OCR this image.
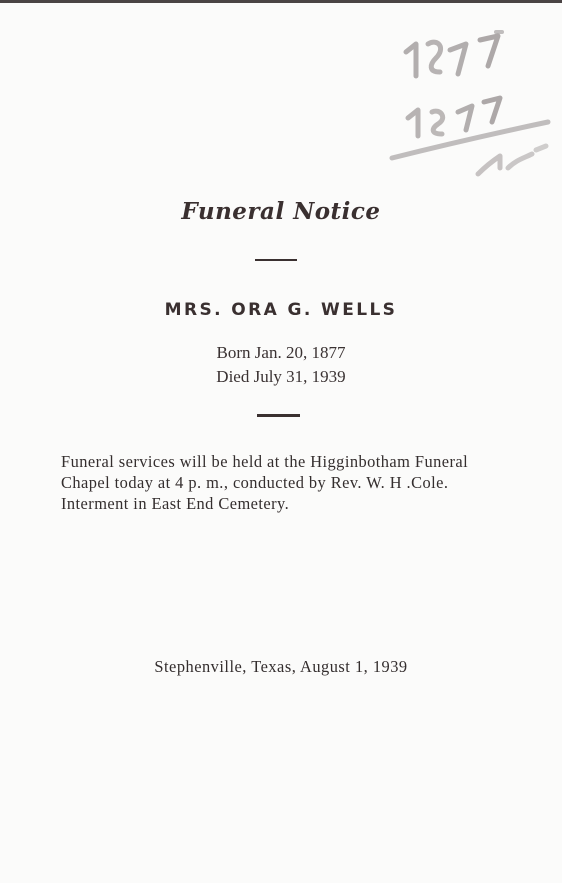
Funeral Notice
MRS. ORA G. WELLS
Born Jan. 20, 1877
Died July 31, 1939
Funeral services will be held at the Higginbotham Funeral
Chapel today at 4 p. m., conducted by Rev. W. H .Cole.
Interment in East End Cemetery.
Stephenville, Texas, August 1, 1939
